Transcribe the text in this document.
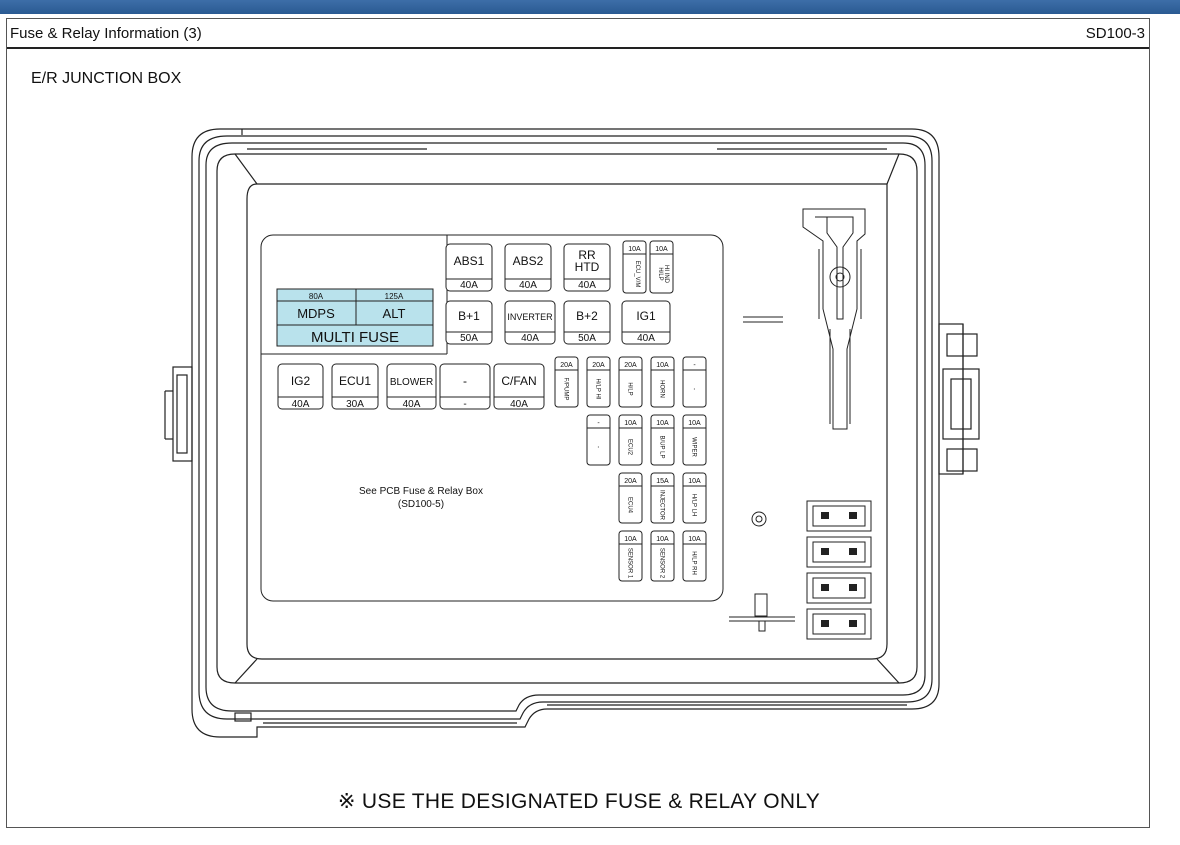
Fuse & Relay Information (3)	SD100-3
E/R JUNCTION BOX
80A	125A
MDPS	ALT
MULTI FUSE
ABS1
40A
ABS2
40A
RR
HTD
40A
B+1
50A
INVERTER
40A
B+2
50A
IG1
40A
10A
ECU_V/M
10A
H/LP HI IND
IG2
40A
ECU1
30A
BLOWER
40A
-
-
C/FAN
40A
20A
F/PUMP
20A
H/LP HI
20A
H/LP
10A
HORN
-
-
-
-
10A
ECU2
10A
B/UP LP
10A
WIPER
20A
ECU4
15A
INJECTOR
10A
H/LP LH
10A
SENSOR 1
10A
SENSOR 2
10A
H/LP RH
See PCB Fuse & Relay Box
(SD100-5)
※ USE THE DESIGNATED FUSE & RELAY ONLY
